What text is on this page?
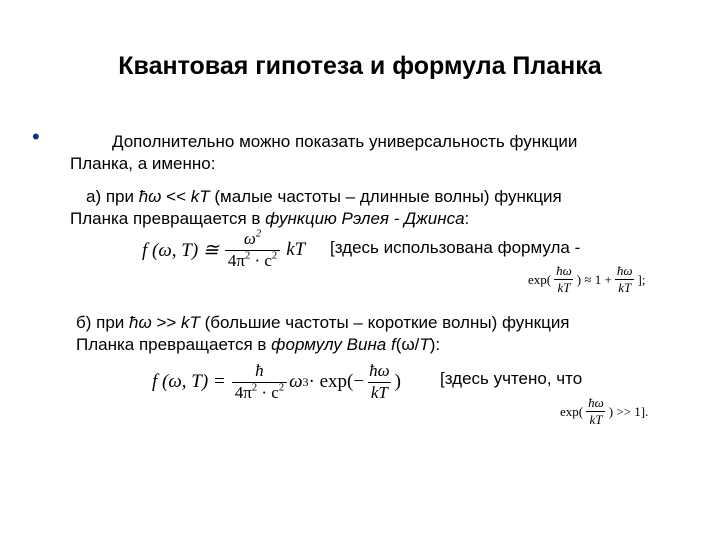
Квантовая гипотеза и формула Планка
•	Дополнительно можно показать универсальность функции
Планка, а именно:
а) при ħω << kT (малые частоты – длинные волны) функция
Планка превращается в функцию Рэлея - Джинса:
f (ω, T) ≅ $\frac{\omega^2}{4\pi^2 \cdot c^2}$ kT [здесь использована формула -
$\exp( \frac{ħ\omega}{kT}$ ) ≈ $1 + \frac{ħ\omega}{kT}$ ];
б) при ħω >> kT (большие частоты – короткие волны) функция
Планка превращается в формулу Вина f(ω/T):
f (ω, $T) = \frac{ħ}{4\pi^2 \cdot c^2}$ ω $3 \cdot \exp(- \frac{ħ\omega}{kT}$ ) [здесь учтено, что
$\exp( \frac{ħ\omega}{kT}$ ) >> 1].
